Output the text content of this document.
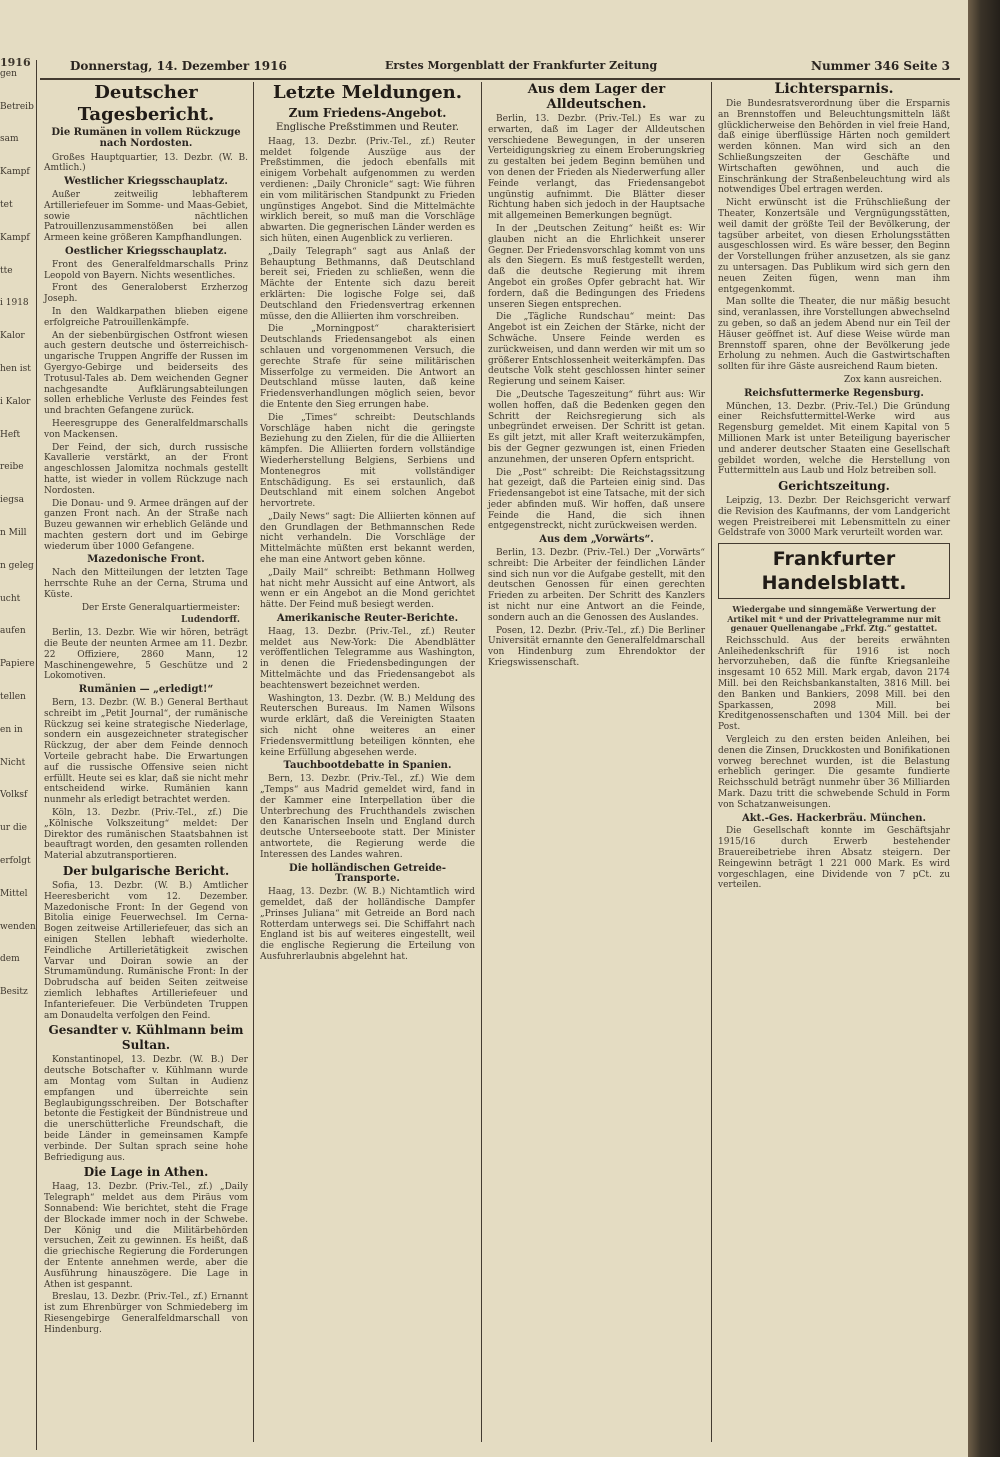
1916
gen
Betreib
sam
Kampf
tet
Kampf
tte
i 1918
Kalor
hen ist
i Kalor
Heft
reibe
iegsa
n Mill
n geleg
ucht
aufen
Papiere
tellen
en in
Nicht
Volksf
ur die
erfolgt
Mittel
wenden
dem
Besitz
Donnerstag, 14. Dezember 1916	Erstes Morgenblatt der Frankfurter Zeitung	Nummer 346 Seite 3
Deutscher Tagesbericht.
Die Rumänen in vollem Rückzuge nach Nordosten.

Großes Hauptquartier, 13. Dezbr. (W. B. Amtlich.)

Westlicher Kriegsschauplatz.

Außer zeitweilig lebhafterem Artilleriefeuer im Somme- und Maas-Gebiet, sowie nächtlichen Patrouillenzusammenstößen bei allen Armeen keine größeren Kampfhandlungen.

Oestlicher Kriegsschauplatz.

Front des Generalfeldmarschalls Prinz Leopold von Bayern. Nichts wesentliches.

Front des Generaloberst Erzherzog Joseph.

In den Waldkarpathen blieben eigene erfolgreiche Patrouillenkämpfe.

An der siebenbürgischen Ostfront wiesen auch gestern deutsche und österreichisch-ungarische Truppen Angriffe der Russen im Gyergyo-Gebirge und beiderseits des Trotusul-Tales ab. Dem weichenden Gegner nachgesandte Aufklärungsabteilungen sollen erhebliche Verluste des Feindes fest und brachten Gefangene zurück.

Heeresgruppe des Generalfeldmarschalls von Mackensen.

Der Feind, der sich, durch russische Kavallerie verstärkt, an der Front angeschlossen Jalomitza nochmals gestellt hatte, ist wieder in vollem Rückzuge nach Nordosten.

Die Donau- und 9. Armee drängen auf der ganzen Front nach. An der Straße nach Buzeu gewannen wir erheblich Gelände und machten gestern dort und im Gebirge wiederum über 1000 Gefangene.

Mazedonische Front.

Nach den Mitteilungen der letzten Tage herrschte Ruhe an der Cerna, Struma und Küste.

Der Erste Generalquartiermeister:
Ludendorff.

Berlin, 13. Dezbr. Wie wir hören, beträgt die Beute der neunten Armee am 11. Dezbr. 22 Offiziere, 2860 Mann, 12 Maschinengewehre, 5 Geschütze und 2 Lokomotiven.

Rumänien — „erledigt!“

Bern, 13. Dezbr. (W. B.) General Berthaut schreibt im „Petit Journal“, der rumänische Rückzug sei keine strategische Niederlage, sondern ein ausgezeichneter strategischer Rückzug, der aber dem Feinde dennoch Vorteile gebracht habe. Die Erwartungen auf die russische Offensive seien nicht erfüllt. Heute sei es klar, daß sie nicht mehr entscheidend wirke. Rumänien kann nunmehr als erledigt betrachtet werden.

Köln, 13. Dezbr. (Priv.-Tel., zf.) Die „Kölnische Volkszeitung“ meldet: Der Direktor des rumänischen Staatsbahnen ist beauftragt worden, den gesamten rollenden Material abzutransportieren.

Der bulgarische Bericht.

Sofia, 13. Dezbr. (W. B.) Amtlicher Heeresbericht vom 12. Dezember. Mazedonische Front: In der Gegend von Bitolia einige Feuerwechsel. Im Cerna-Bogen zeitweise Artilleriefeuer, das sich an einigen Stellen lebhaft wiederholte. Feindliche Artillerietätigkeit zwischen Varvar und Doiran sowie an der Strumamündung. Rumänische Front: In der Dobrudscha auf beiden Seiten zeitweise ziemlich lebhaftes Artilleriefeuer und Infanteriefeuer. Die Verbündeten Truppen am Donaudelta verfolgen den Feind.

Gesandter v. Kühlmann beim Sultan.

Konstantinopel, 13. Dezbr. (W. B.) Der deutsche Botschafter v. Kühlmann wurde am Montag vom Sultan in Audienz empfangen und überreichte sein Beglaubigungsschreiben. Der Botschafter betonte die Festigkeit der Bündnistreue und die unerschütterliche Freundschaft, die beide Länder in gemeinsamen Kampfe verbinde. Der Sultan sprach seine hohe Befriedigung aus.

Die Lage in Athen.

Haag, 13. Dezbr. (Priv.-Tel., zf.) „Daily Telegraph“ meldet aus dem Piräus vom Sonnabend: Wie berichtet, steht die Frage der Blockade immer noch in der Schwebe. Der König und die Militärbehörden versuchen, Zeit zu gewinnen. Es heißt, daß die griechische Regierung die Forderungen der Entente annehmen werde, aber die Ausführung hinauszögere. Die Lage in Athen ist gespannt.

Breslau, 13. Dezbr. (Priv.-Tel., zf.) Ernannt ist zum Ehrenbürger von Schmiedeberg im Riesengebirge Generalfeldmarschall von Hindenburg.

Letzte Meldungen.
Zum Friedens-Angebot.
Englische Preßstimmen und Reuter.

Haag, 13. Dezbr. (Priv.-Tel., zf.) Reuter meldet folgende Auszüge aus der Preßstimmen, die jedoch ebenfalls mit einigem Vorbehalt aufgenommen zu werden verdienen: „Daily Chronicle“ sagt: Wie führen ein vom militärischen Standpunkt zu Frieden ungünstiges Angebot. Sind die Mittelmächte wirklich bereit, so muß man die Vorschläge abwarten. Die gegnerischen Länder werden es sich hüten, einen Augenblick zu verlieren.

„Daily Telegraph“ sagt aus Anlaß der Behauptung Bethmanns, daß Deutschland bereit sei, Frieden zu schließen, wenn die Mächte der Entente sich dazu bereit erklärten: Die logische Folge sei, daß Deutschland den Friedensvertrag erkennen müsse, den die Alliierten ihm vorschreiben.

Die „Morningpost“ charakterisiert Deutschlands Friedensangebot als einen schlauen und vorgenommenen Versuch, die gerechte Strafe für seine militärischen Misserfolge zu vermeiden. Die Antwort an Deutschland müsse lauten, daß keine Friedensverhandlungen möglich seien, bevor die Entente den Sieg errungen habe.

Die „Times“ schreibt: Deutschlands Vorschläge haben nicht die geringste Beziehung zu den Zielen, für die die Alliierten kämpfen. Die Alliierten fordern vollständige Wiederherstellung Belgiens, Serbiens und Montenegros mit vollständiger Entschädigung. Es sei erstaunlich, daß Deutschland mit einem solchen Angebot hervortrete.

„Daily News“ sagt: Die Alliierten können auf den Grundlagen der Bethmannschen Rede nicht verhandeln. Die Vorschläge der Mittelmächte müßten erst bekannt werden, ehe man eine Antwort geben könne.

„Daily Mail“ schreibt: Bethmann Hollweg hat nicht mehr Aussicht auf eine Antwort, als wenn er ein Angebot an die Mond gerichtet hätte. Der Feind muß besiegt werden.

Amerikanische Reuter-Berichte.

Haag, 13. Dezbr. (Priv.-Tel., zf.) Reuter meldet aus New-York: Die Abendblätter veröffentlichen Telegramme aus Washington, in denen die Friedensbedingungen der Mittelmächte und das Friedensangebot als beachtenswert bezeichnet werden.

Washington, 13. Dezbr. (W. B.) Meldung des Reuterschen Bureaus. Im Namen Wilsons wurde erklärt, daß die Vereinigten Staaten sich nicht ohne weiteres an einer Friedensvermittlung beteiligen könnten, ehe keine Erfüllung abgesehen werde.

Tauchbootdebatte in Spanien.

Bern, 13. Dezbr. (Priv.-Tel., zf.) Wie dem „Temps“ aus Madrid gemeldet wird, fand in der Kammer eine Interpellation über die Unterbrechung des Fruchthandels zwischen den Kanarischen Inseln und England durch deutsche Unterseeboote statt. Der Minister antwortete, die Regierung werde die Interessen des Landes wahren.

Die holländischen Getreide-Transporte.

Haag, 13. Dezbr. (W. B.) Nichtamtlich wird gemeldet, daß der holländische Dampfer „Prinses Juliana“ mit Getreide an Bord nach Rotterdam unterwegs sei. Die Schiffahrt nach England ist bis auf weiteres eingestellt, weil die englische Regierung die Erteilung von Ausfuhrerlaubnis abgelehnt hat.

Aus dem Lager der Alldeutschen.

Berlin, 13. Dezbr. (Priv.-Tel.) Es war zu erwarten, daß im Lager der Alldeutschen verschiedene Bewegungen, in der unseren Verteidigungskrieg zu einem Eroberungskrieg zu gestalten bei jedem Beginn bemühen und von denen der Frieden als Niederwerfung aller Feinde verlangt, das Friedensangebot ungünstig aufnimmt. Die Blätter dieser Richtung haben sich jedoch in der Hauptsache mit allgemeinen Bemerkungen begnügt.

In der „Deutschen Zeitung“ heißt es: Wir glauben nicht an die Ehrlichkeit unserer Gegner. Der Friedensvorschlag kommt von uns als den Siegern. Es muß festgestellt werden, daß die deutsche Regierung mit ihrem Angebot ein großes Opfer gebracht hat. Wir fordern, daß die Bedingungen des Friedens unseren Siegen entsprechen.

Die „Tägliche Rundschau“ meint: Das Angebot ist ein Zeichen der Stärke, nicht der Schwäche. Unsere Feinde werden es zurückweisen, und dann werden wir mit um so größerer Entschlossenheit weiterkämpfen. Das deutsche Volk steht geschlossen hinter seiner Regierung und seinem Kaiser.

Die „Deutsche Tageszeitung“ führt aus: Wir wollen hoffen, daß die Bedenken gegen den Schritt der Reichsregierung sich als unbegründet erweisen. Der Schritt ist getan. Es gilt jetzt, mit aller Kraft weiterzukämpfen, bis der Gegner gezwungen ist, einen Frieden anzunehmen, der unseren Opfern entspricht.

Die „Post“ schreibt: Die Reichstagssitzung hat gezeigt, daß die Parteien einig sind. Das Friedensangebot ist eine Tatsache, mit der sich jeder abfinden muß. Wir hoffen, daß unsere Feinde die Hand, die sich ihnen entgegenstreckt, nicht zurückweisen werden.

Aus dem „Vorwärts“.

Berlin, 13. Dezbr. (Priv.-Tel.) Der „Vorwärts“ schreibt: Die Arbeiter der feindlichen Länder sind sich nun vor die Aufgabe gestellt, mit den deutschen Genossen für einen gerechten Frieden zu arbeiten. Der Schritt des Kanzlers ist nicht nur eine Antwort an die Feinde, sondern auch an die Genossen des Auslandes.

Posen, 12. Dezbr. (Priv.-Tel., zf.) Die Berliner Universität ernannte den Generalfeldmarschall von Hindenburg zum Ehrendoktor der Kriegswissenschaft.

Lichtersparnis.

Die Bundesratsverordnung über die Ersparnis an Brennstoffen und Beleuchtungsmitteln läßt glücklicherweise den Behörden in viel freie Hand, daß einige überflüssige Härten noch gemildert werden können. Man wird sich an den Schließungszeiten der Geschäfte und Wirtschaften gewöhnen, und auch die Einschränkung der Straßenbeleuchtung wird als notwendiges Übel ertragen werden.

Nicht erwünscht ist die Frühschließung der Theater, Konzertsäle und Vergnügungsstätten, weil damit der größte Teil der Bevölkerung, der tagsüber arbeitet, von diesen Erholungsstätten ausgeschlossen wird. Es wäre besser, den Beginn der Vorstellungen früher anzusetzen, als sie ganz zu untersagen. Das Publikum wird sich gern den neuen Zeiten fügen, wenn man ihm entgegenkommt.

Man sollte die Theater, die nur mäßig besucht sind, veranlassen, ihre Vorstellungen abwechselnd zu geben, so daß an jedem Abend nur ein Teil der Häuser geöffnet ist. Auf diese Weise würde man Brennstoff sparen, ohne der Bevölkerung jede Erholung zu nehmen. Auch die Gastwirtschaften sollten für ihre Gäste ausreichend Raum bieten.

Zox kann ausreichen.
Reichsfuttermerke Regensburg.

München, 13. Dezbr. (Priv.-Tel.) Die Gründung einer Reichsfuttermittel-Werke wird aus Regensburg gemeldet. Mit einem Kapital von 5 Millionen Mark ist unter Beteiligung bayerischer und anderer deutscher Staaten eine Gesellschaft gebildet worden, welche die Herstellung von Futtermitteln aus Laub und Holz betreiben soll.

Gerichtszeitung.

Leipzig, 13. Dezbr. Der Reichsgericht verwarf die Revision des Kaufmanns, der vom Landgericht wegen Preistreiberei mit Lebensmitteln zu einer Geldstrafe von 3000 Mark verurteilt worden war.

Frankfurter Handelsblatt.

Wiedergabe und sinngemäße Verwertung der Artikel mit * und der Privattelegramme nur mit genauer Quellenangabe „Frkf. Ztg.“ gestattet.

Reichsschuld. Aus der bereits erwähnten Anleihedenkschrift für 1916 ist noch hervorzuheben, daß die fünfte Kriegsanleihe insgesamt 10 652 Mill. Mark ergab, davon 2174 Mill. bei den Reichsbankanstalten, 3816 Mill. bei den Banken und Bankiers, 2098 Mill. bei den Sparkassen, 2098 Mill. bei Kreditgenossenschaften und 1304 Mill. bei der Post.

Vergleich zu den ersten beiden Anleihen, bei denen die Zinsen, Druckkosten und Bonifikationen vorweg berechnet wurden, ist die Belastung erheblich geringer. Die gesamte fundierte Reichsschuld beträgt nunmehr über 36 Milliarden Mark. Dazu tritt die schwebende Schuld in Form von Schatzanweisungen.

Akt.-Ges. Hackerbräu. München.

Die Gesellschaft konnte im Geschäftsjahr 1915/16 durch Erwerb bestehender Brauereibetriebe ihren Absatz steigern. Der Reingewinn beträgt 1 221 000 Mark. Es wird vorgeschlagen, eine Dividende von 7 pCt. zu verteilen.
